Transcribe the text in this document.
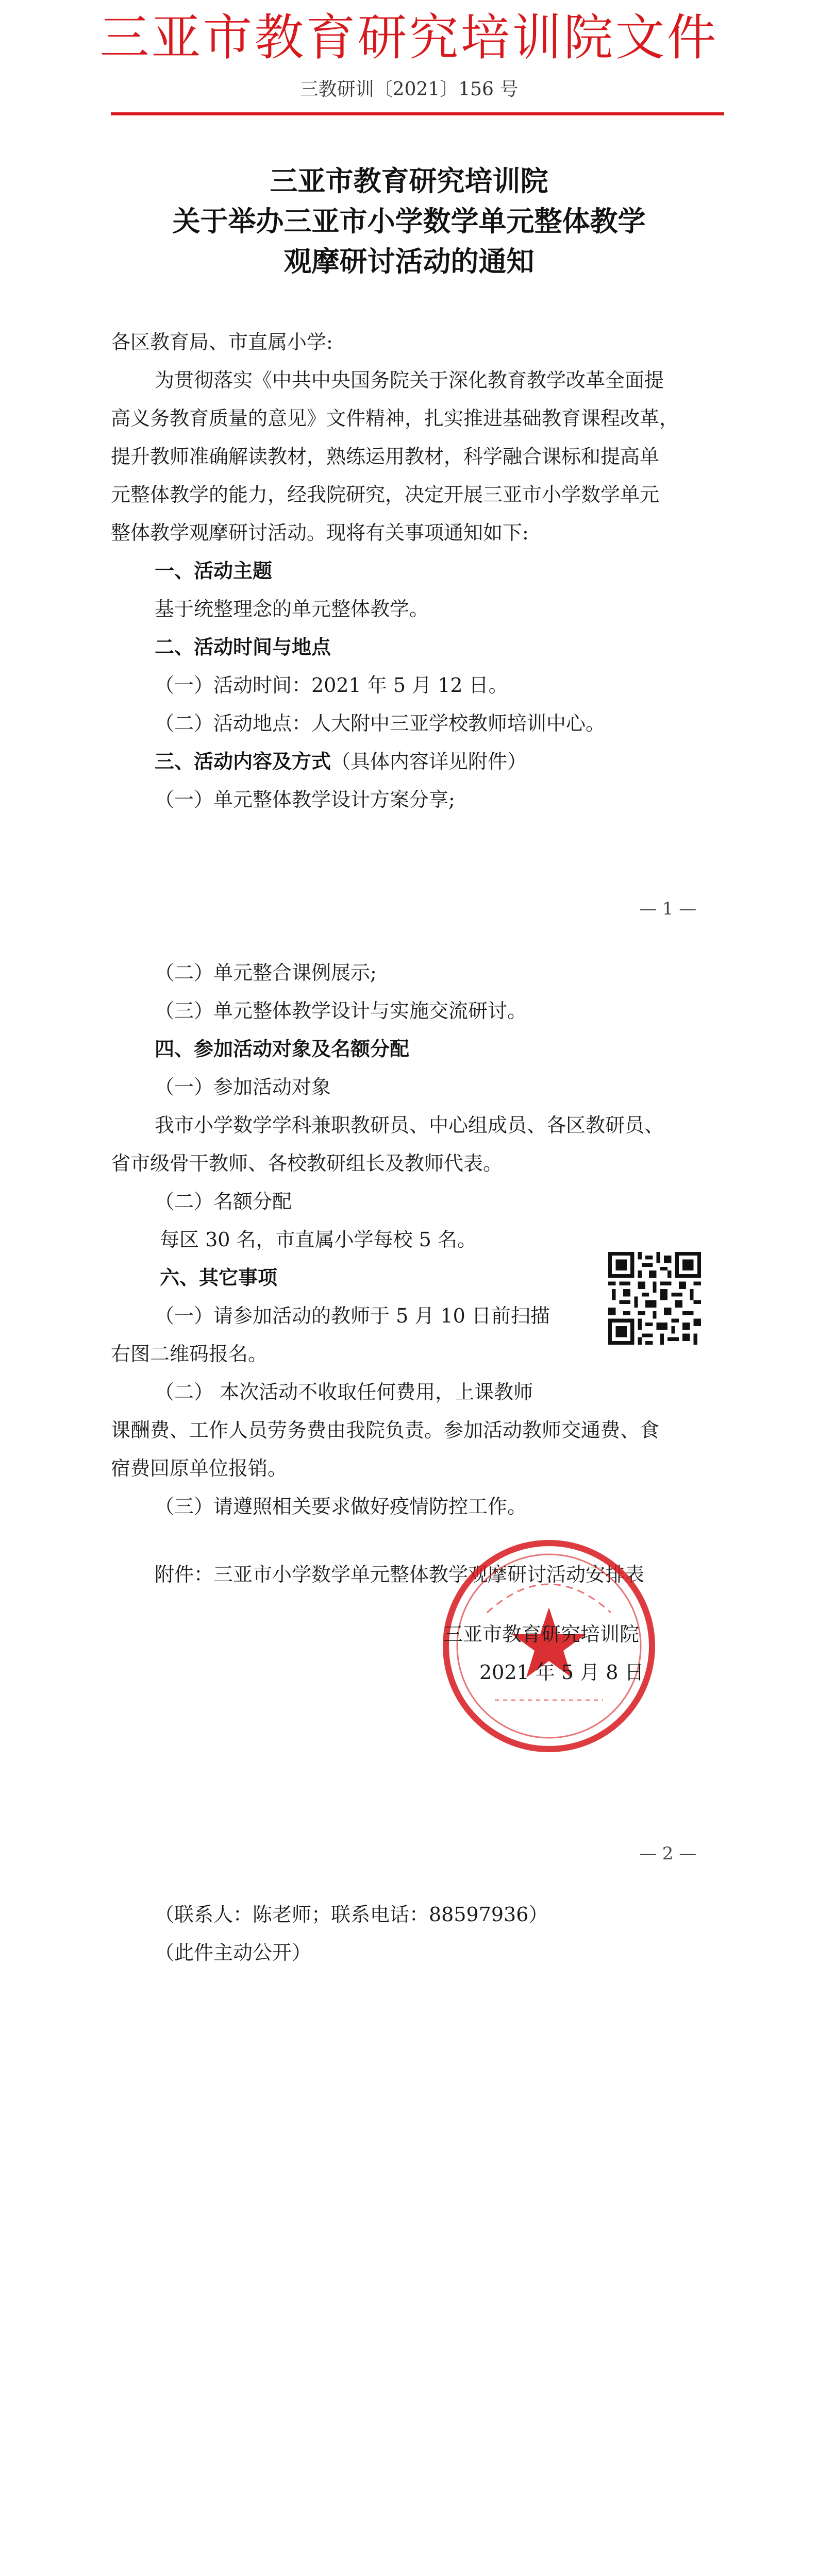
三亚市教育研究培训院文件
三教研训〔2021〕156 号
三亚市教育研究培训院
关于举办三亚市小学数学单元整体教学
观摩研讨活动的通知
各区教育局、市直属小学:
为贯彻落实《中共中央国务院关于深化教育教学改革全面提
高义务教育质量的意见》文件精神，扎实推进基础教育课程改革，
提升教师准确解读教材，熟练运用教材，科学融合课标和提高单
元整体教学的能力，经我院研究，决定开展三亚市小学数学单元
整体教学观摩研讨活动。现将有关事项通知如下:
一、活动主题
基于统整理念的单元整体教学。
二、活动时间与地点
（一）活动时间：2021 年 5 月 12 日。
（二）活动地点：人大附中三亚学校教师培训中心。
三、活动内容及方式（具体内容详见附件）
（一）单元整体教学设计方案分享;
— 1 —
（二）单元整合课例展示;
（三）单元整体教学设计与实施交流研讨。
四、参加活动对象及名额分配
（一）参加活动对象
我市小学数学学科兼职教研员、中心组成员、各区教研员、
省市级骨干教师、各校教研组长及教师代表。
（二）名额分配
每区 30 名，市直属小学每校 5 名。
六、其它事项
（一）请参加活动的教师于 5 月 10 日前扫描
右图二维码报名。
（二） 本次活动不收取任何费用，上课教师
课酬费、工作人员劳务费由我院负责。参加活动教师交通费、食
宿费回原单位报销。
（三）请遵照相关要求做好疫情防控工作。
附件：三亚市小学数学单元整体教学观摩研讨活动安排表
三亚市教育研究培训院
2021 年 5 月 8 日
— 2 —
（联系人：陈老师；联系电话：88597936）
（此件主动公开）
